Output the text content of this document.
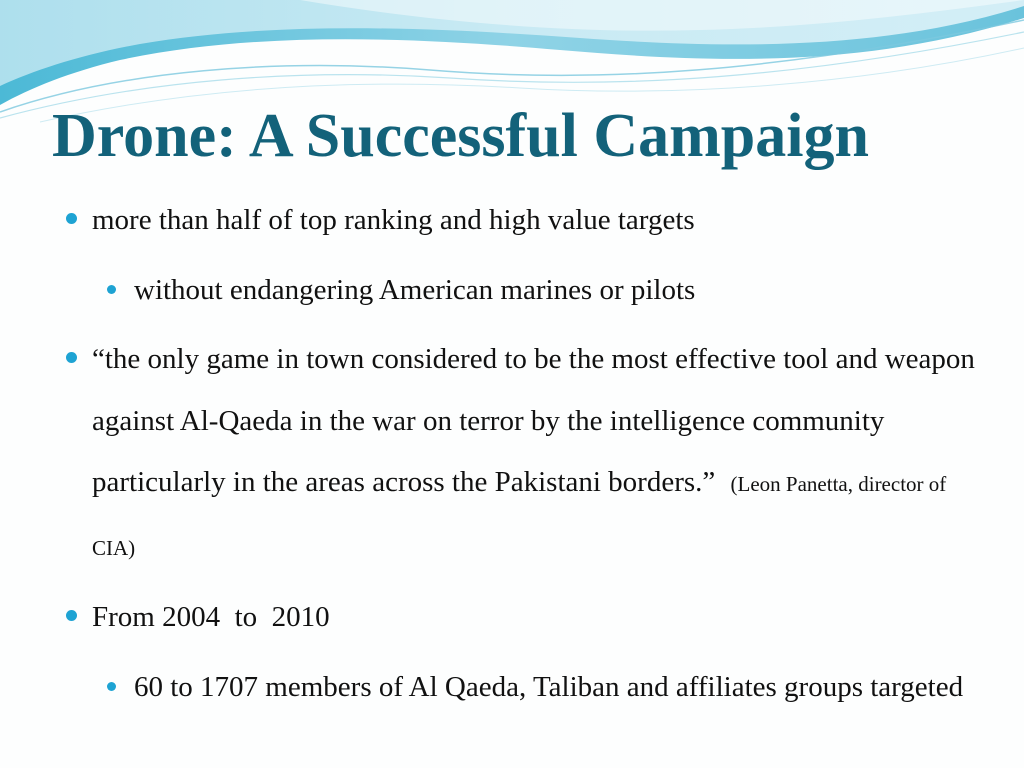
Drone: A Successful Campaign
more than half of top ranking and high value targets
without endangering American marines or pilots
“the only game in town considered to be the most effective tool and weapon against Al-Qaeda in the war on terror by the intelligence community particularly in the areas across the Pakistani borders.” (Leon Panetta, director of CIA)
From 2004  to  2010
60 to 1707 members of Al Qaeda, Taliban and affiliates groups targeted
